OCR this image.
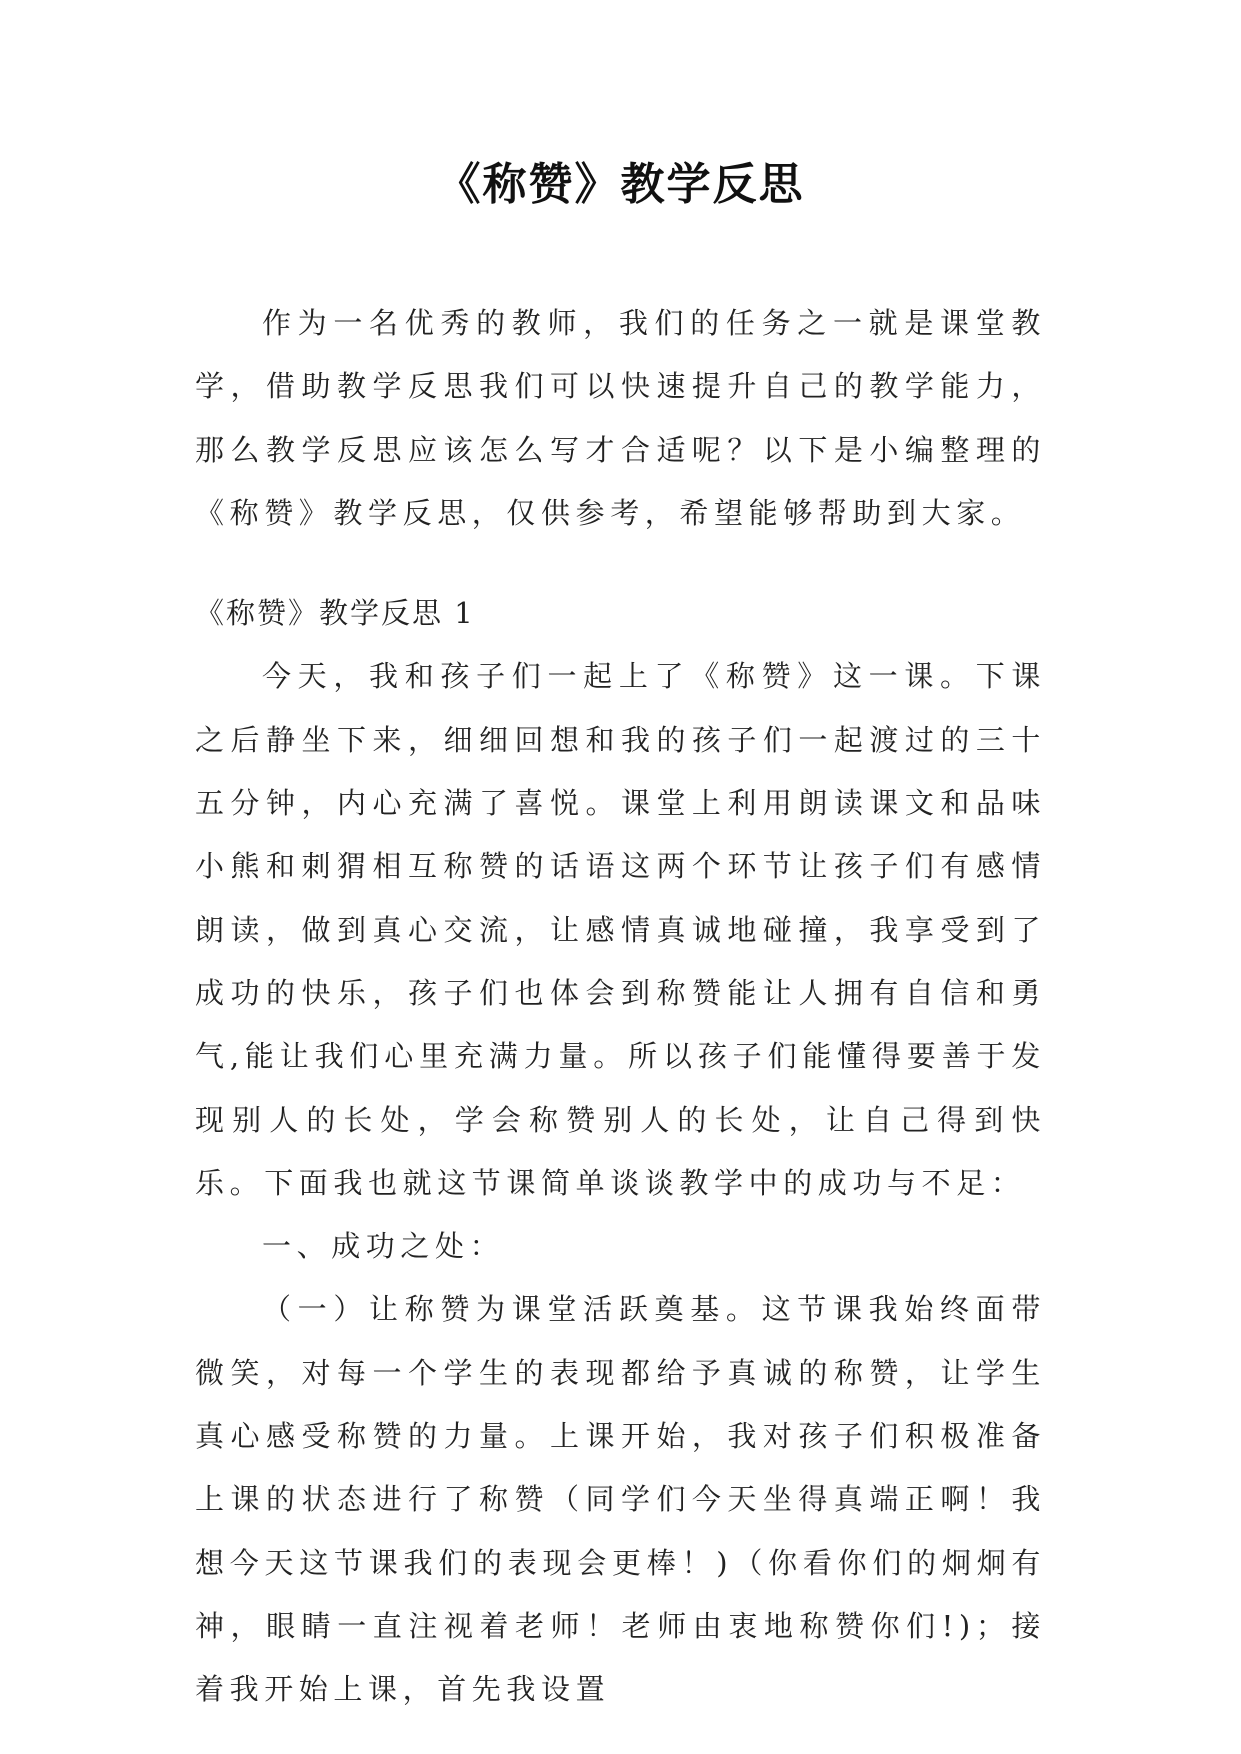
《称赞》教学反思

作为一名优秀的教师，我们的任务之一就是课堂教学，借助教学反思我们可以快速提升自己的教学能力，那么教学反思应该怎么写才合适呢？以下是小编整理的《称赞》教学反思，仅供参考，希望能够帮助到大家。

《称赞》教学反思 1

今天，我和孩子们一起上了《称赞》这一课。下课之后静坐下来，细细回想和我的孩子们一起渡过的三十五分钟，内心充满了喜悦。课堂上利用朗读课文和品味小熊和刺猬相互称赞的话语这两个环节让孩子们有感情朗读，做到真心交流，让感情真诚地碰撞，我享受到了成功的快乐，孩子们也体会到称赞能让人拥有自信和勇气,能让我们心里充满力量。所以孩子们能懂得要善于发现别人的长处，学会称赞别人的长处，让自己得到快乐。下面我也就这节课简单谈谈教学中的成功与不足：

一、成功之处：

（一）让称赞为课堂活跃奠基。这节课我始终面带微笑，对每一个学生的表现都给予真诚的称赞，让学生真心感受称赞的力量。上课开始，我对孩子们积极准备上课的状态进行了称赞（同学们今天坐得真端正啊！我想今天这节课我们的表现会更棒！)（你看你们的炯炯有神，眼睛一直注视着老师！老师由衷地称赞你们!)；接着我开始上课，首先我设置
